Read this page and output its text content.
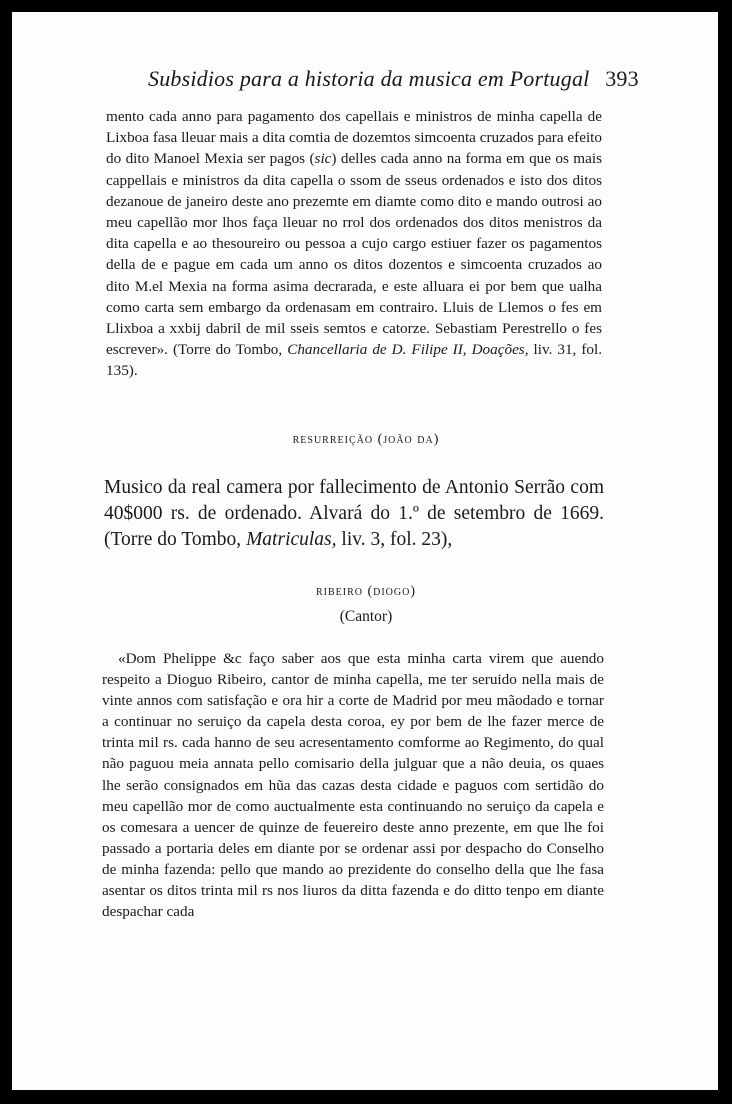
Subsidios para a historia da musica em Portugal 393
mento cada anno para pagamento dos capellais e ministros de minha capella de Lixboa fasa lleuar mais a dita comtia de dozemtos simcoenta cruzados para efeito do dito Manoel Mexia ser pagos (sic) delles cada anno na forma em que os mais cappellais e ministros da dita capella o ssom de sseus ordenados e isto dos ditos dezanoue de janeiro deste ano prezemte em diamte como dito e mando outrosi ao meu capellão mor lhos faça lleuar no rrol dos ordenados dos ditos menistros da dita capella e ao thesoureiro ou pessoa a cujo cargo estiuer fazer os pagamentos della de e pague em cada um anno os ditos dozentos e simcoenta cruzados ao dito M.el Mexia na forma asima decrarada, e este alluara ei por bem que ualha como carta sem embargo da ordenasam em contrairo. Lluis de Llemos o fes em Llixboa a xxbij dabril de mil sseis semtos e catorze. Sebastiam Perestrello o fes escrever». (Torre do Tombo, Chancellaria de D. Filipe II, Doações, liv. 31, fol. 135).
resurreição (joão da)
Musico da real camera por fallecimento de Antonio Serrão com 40$000 rs. de ordenado. Alvará do 1.º de setembro de 1669. (Torre do Tombo, Matriculas, liv. 3, fol. 23),
ribeiro (diogo)
(Cantor)
«Dom Phelippe &c faço saber aos que esta minha carta virem que auendo respeito a Dioguo Ribeiro, cantor de minha capella, me ter seruido nella mais de vinte annos com satisfação e ora hir a corte de Madrid por meu mãodado e tornar a continuar no seruiço da capela desta coroa, ey por bem de lhe fazer merce de trinta mil rs. cada hanno de seu acresentamento comforme ao Regimento, do qual não paguou meia annata pello comisario della julguar que a não deuia, os quaes lhe serão consignados em hũa das cazas desta cidade e paguos com sertidão do meu capellão mor de como auctualmente esta continuando no seruiço da capela e os comesara a uencer de quinze de feuereiro deste anno prezente, em que lhe foi passado a portaria deles em diante por se ordenar assi por despacho do Conselho de minha fazenda: pello que mando ao prezidente do conselho della que lhe fasa asentar os ditos trinta mil rs nos liuros da ditta fazenda e do ditto tenpo em diante despachar cada
